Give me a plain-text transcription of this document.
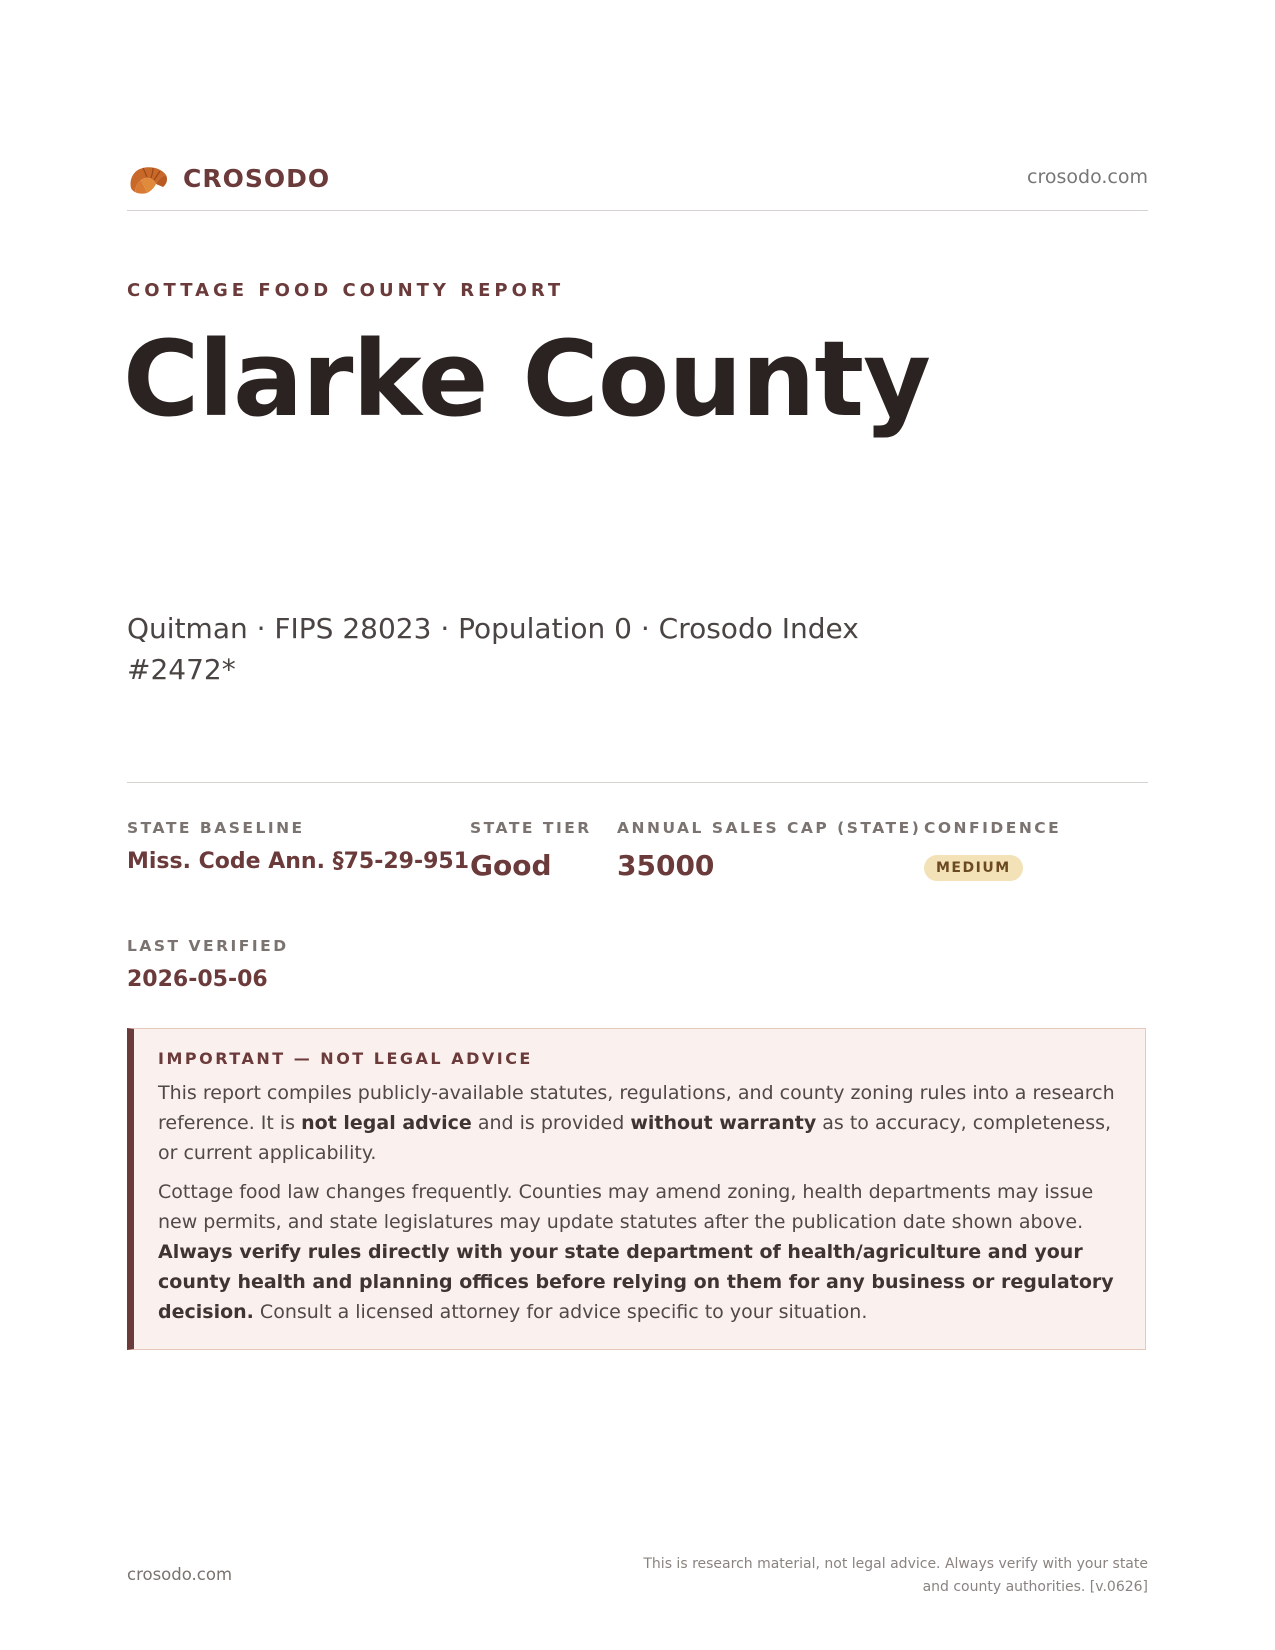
CROSODO	crosodo.com
COTTAGE FOOD COUNTY REPORT
Clarke County
Quitman · FIPS 28023 · Population 0 · Crosodo Index #2472*
STATE BASELINE
Miss. Code Ann. §75-29-951
STATE TIER
Good
ANNUAL SALES CAP (STATE)
35000
CONFIDENCE
MEDIUM
LAST VERIFIED
2026-05-06
IMPORTANT — NOT LEGAL ADVICE

This report compiles publicly-available statutes, regulations, and county zoning rules into a research reference. It is not legal advice and is provided without warranty as to accuracy, completeness, or current applicability.

Cottage food law changes frequently. Counties may amend zoning, health departments may issue new permits, and state legislatures may update statutes after the publication date shown above. Always verify rules directly with your state department of health/agriculture and your county health and planning offices before relying on them for any business or regulatory decision. Consult a licensed attorney for advice specific to your situation.

crosodo.com
This is research material, not legal advice. Always verify with your state
and county authorities. [v.0626]
